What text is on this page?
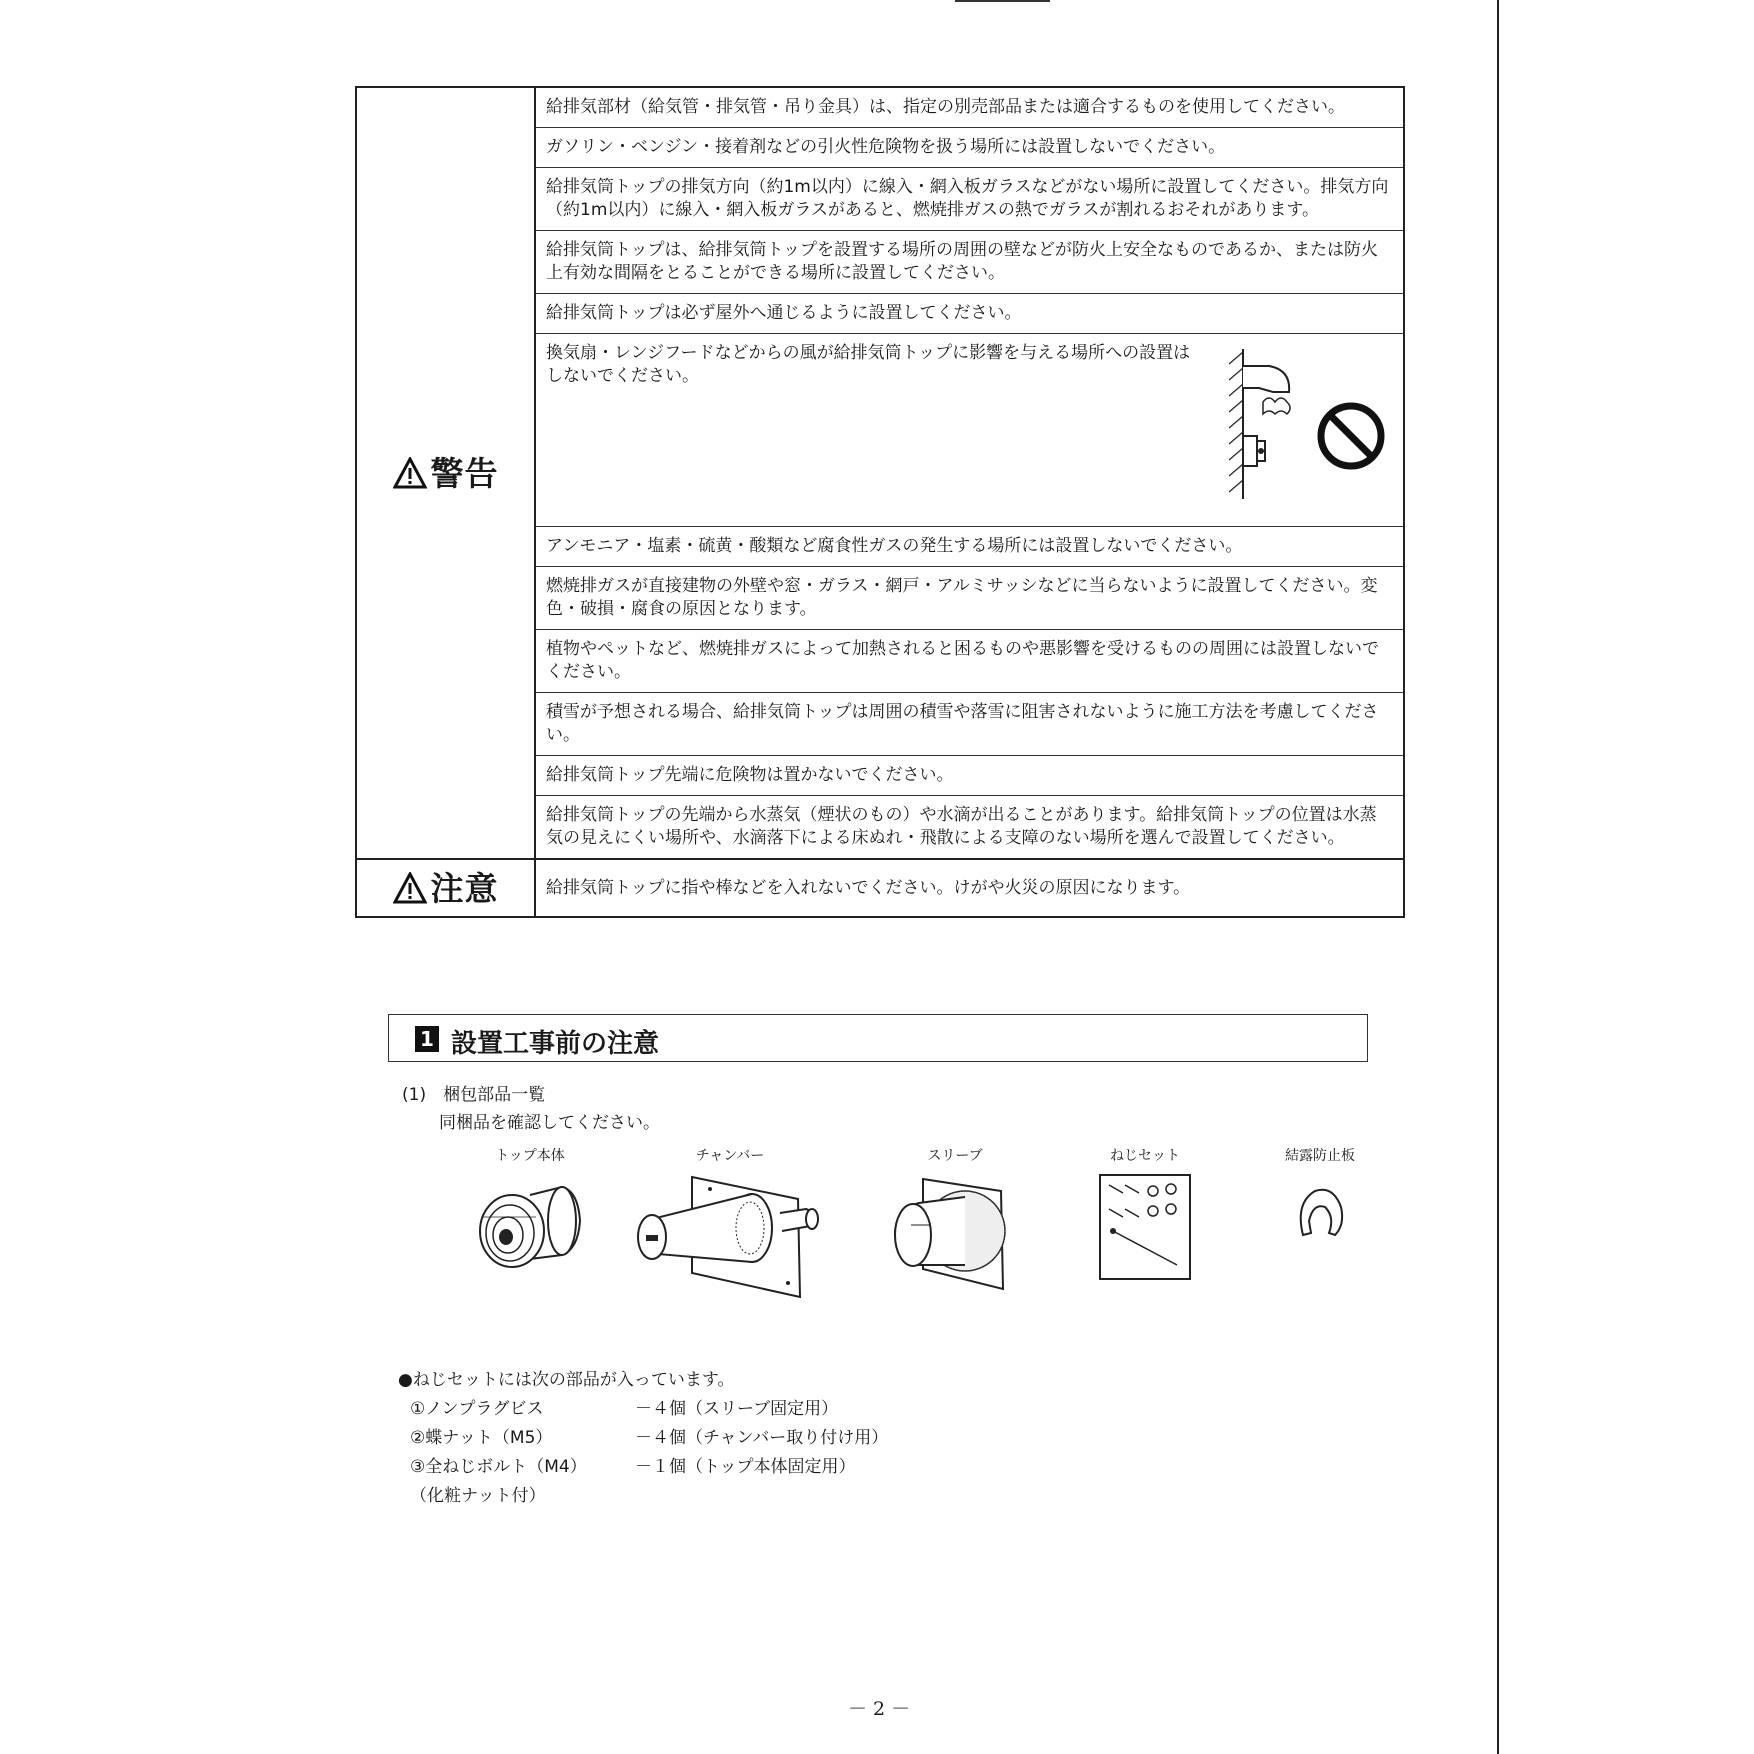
警告	給排気部材（給気管・排気管・吊り金具）は、指定の別売部品または適合するものを使用してください。
	ガソリン・ベンジン・接着剤などの引火性危険物を扱う場所には設置しないでください。
	給排気筒トップの排気方向（約1m以内）に線入・網入板ガラスなどがない場所に設置してください。排気方向（約1m以内）に線入・網入板ガラスがあると、燃焼排ガスの熱でガラスが割れるおそれがあります。
	給排気筒トップは、給排気筒トップを設置する場所の周囲の壁などが防火上安全なものであるか、または防火上有効な間隔をとることができる場所に設置してください。
	給排気筒トップは必ず屋外へ通じるように設置してください。

	換気扇・レンジフードなどからの風が給排気筒トップに影響を与える場所への設置はしないでください。

	アンモニア・塩素・硫黄・酸類など腐食性ガスの発生する場所には設置しないでください。
	燃焼排ガスが直接建物の外壁や窓・ガラス・網戸・アルミサッシなどに当らないように設置してください。変色・破損・腐食の原因となります。
	植物やペットなど、燃焼排ガスによって加熱されると困るものや悪影響を受けるものの周囲には設置しないでください。
	積雪が予想される場合、給排気筒トップは周囲の積雪や落雪に阻害されないように施工方法を考慮してください。
	給排気筒トップ先端に危険物は置かないでください。
	給排気筒トップの先端から水蒸気（煙状のもの）や水滴が出ることがあります。給排気筒トップの位置は水蒸気の見えにくい場所や、水滴落下による床ぬれ・飛散による支障のない場所を選んで設置してください。
注意	給排気筒トップに指や棒などを入れないでください。けがや火災の原因になります。
1 設置工事前の注意
(1)　梱包部品一覧
同梱品を確認してください。
トップ本体	チャンバー	スリーブ	ねじセット	結露防止板
●ねじセットには次の部品が入っています。
①ノンプラグビス	－４個（スリーブ固定用）
②蝶ナット（M5）	－４個（チャンバー取り付け用）
③全ねじボルト（M4）	－１個（トップ本体固定用）
（化粧ナット付）
－ 2 －
